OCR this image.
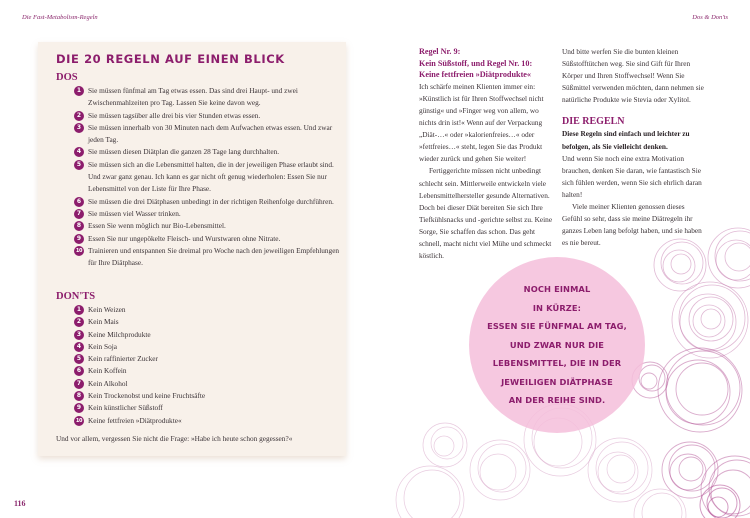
Die Fast-Metabolism-Regeln	Dos & Don'ts
DIE 20 REGELN AUF EINEN BLICK
DOS
1 Sie müssen fünfmal am Tag etwas essen. Das sind drei Haupt- und zwei Zwischenmahlzeiten pro Tag. Lassen Sie keine davon weg.
2 Sie müssen tagsüber alle drei bis vier Stunden etwas essen.
3 Sie müssen innerhalb von 30 Minuten nach dem Aufwachen etwas essen. Und zwar jeden Tag.
4 Sie müssen diesen Diätplan die ganzen 28 Tage lang durchhalten.
5 Sie müssen sich an die Lebensmittel halten, die in der jeweiligen Phase erlaubt sind. Und zwar ganz genau. Ich kann es gar nicht oft genug wiederholen: Essen Sie nur Lebensmittel von der Liste für Ihre Phase.
6 Sie müssen die drei Diätphasen unbedingt in der richtigen Reihenfolge durchführen.
7 Sie müssen viel Wasser trinken.
8 Essen Sie wenn möglich nur Bio-Lebensmittel.
9 Essen Sie nur ungepökelte Fleisch- und Wurstwaren ohne Nitrate.
10 Trainieren und entspannen Sie dreimal pro Woche nach den jeweiligen Empfehlungen für Ihre Diätphase.
DON'TS
1 Kein Weizen
2 Kein Mais
3 Keine Milchprodukte
4 Kein Soja
5 Kein raffinierter Zucker
6 Kein Koffein
7 Kein Alkohol
8 Kein Trockenobst und keine Fruchtsäfte
9 Kein künstlicher Süßstoff
10 Keine fettfreien »Diätprodukte«
Und vor allem, vergessen Sie nicht die Frage: »Habe ich heute schon gegessen?«
116
Regel Nr. 9:
Kein Süßstoff, und Regel Nr. 10:
Keine fettfreien »Diätprodukte«

Ich schärfe meinen Klienten immer ein: »Künstlich ist für Ihren Stoffwechsel nicht günstig« und »Finger weg von allem, wo nichts drin ist!« Wenn auf der Verpackung „Diät-…« oder »kalorienfreies…« oder »fettfreies…« steht, legen Sie das Produkt wieder zurück und gehen Sie weiter!

Fertiggerichte müssen nicht unbedingt schlecht sein. Mittlerweile entwickeln viele Lebensmittelhersteller gesunde Alternativen. Doch bei dieser Diät bereiten Sie sich Ihre Tiefkühlsnacks und -gerichte selbst zu. Keine Sorge, Sie schaffen das schon. Das geht schnell, macht nicht viel Mühe und schmeckt köstlich.

Und bitte werfen Sie die bunten kleinen Süßstofftütchen weg. Sie sind Gift für Ihren Körper und Ihren Stoffwechsel! Wenn Sie Süßmittel verwenden möchten, dann nehmen sie natürliche Produkte wie Stevia oder Xylitol.

DIE REGELN

Diese Regeln sind einfach und leichter zu befolgen, als Sie vielleicht denken.

Und wenn Sie noch eine extra Motivation brauchen, denken Sie daran, wie fantastisch Sie sich fühlen werden, wenn Sie sich ehrlich daran halten!

Viele meiner Klienten genossen dieses Gefühl so sehr, dass sie meine Diätregeln ihr ganzes Leben lang befolgt haben, und sie haben es nie bereut.

NOCH EINMAL
IN KÜRZE:
ESSEN SIE FÜNFMAL AM TAG,
UND ZWAR NUR DIE
LEBENSMITTEL, DIE IN DER
JEWEILIGEN DIÄTPHASE
AN DER REIHE SIND.
